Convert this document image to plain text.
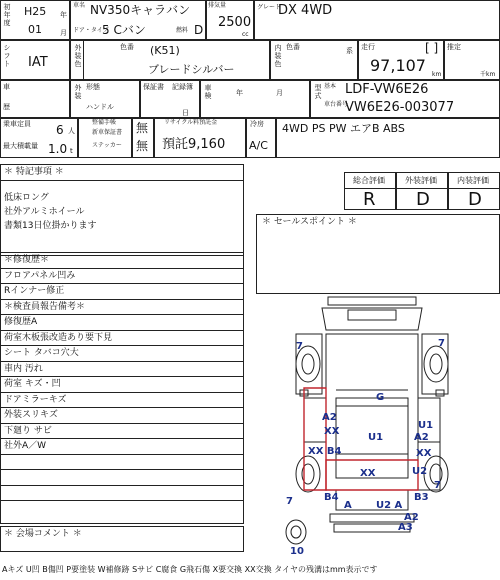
初年度 H25 年
01	月
車名 NV350キャラバン
ドア・タイプ
5 Cバン	燃料 D
排気量
2500
cc
グレード
DX 4WD
シフト IAT	外装色	色番 (K51)
ブレードシルバー
内装色 色番	系 走行	[ ]
97,107 km
推定
千km
車
歴
外装 形態
ハンドル
保証書 記録簿
日
車検	年	月	型式 基本
車台番号
LDF-VW6E26
VW6E26-003077
乗車定員 6 人
最大積載量 1.0 t
整備手帳
新車保証書
ステッカー
無
無
リサイクル料預託金
預託9,160
冷房
A/C
4WD PS PW エアB ABS
＊ 特記事項 ＊
低床ロング
社外アルミホイール
書類13日位掛かります
＊修復歴＊
フロアパネル凹み
Rインナー修正
＊検査員報告備考＊
修復歴A
荷室木板張改造あり要下見
シート タバコ穴大
車内 汚れ
荷室 キズ・凹
ドアミラーキズ
外装スリキズ
下廻り サビ
社外A／W
＊ 会場コメント ＊
総合評価
R
外装評価
D
内装評価
D
＊ セールスポイント ＊
7	7
G
A2
U1
A2
U1
XX B4
XX
XX
XX	U2
7
7
B4	B3
A U2 A
A2
A3
10
Aキズ U凹 B傷凹 P要塗装 W補修跡 Sサビ C腐食 G飛石傷 X要交換 XX交換 タイヤの残溝はmm表示です
